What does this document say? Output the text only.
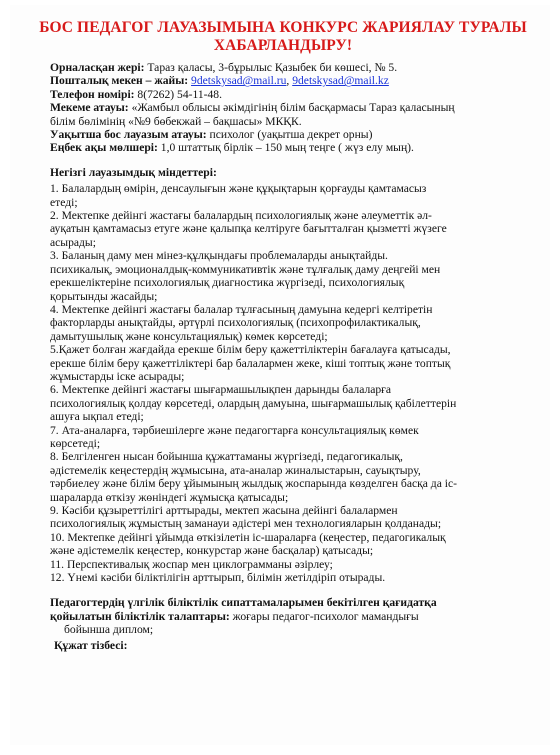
БОС ПЕДАГОГ ЛАУАЗЫМЫНА КОНКУРС ЖАРИЯЛАУ ТУРАЛЫ ХАБАРЛАНДЫРУ!
Орналасқан жері: Тараз қаласы, 3-бұрылыс Қазыбек би көшесі, № 5.
Пошталық мекен – жайы: 9detskysad@mail.ru, 9detskysad@mail.kz
Телефон номірі: 8(7262) 54-11-48.
Мекеме атауы: «Жамбыл облысы әкімдігінің білім басқармасы Тараз қаласының
білім бөлімінің «№9 бөбекжай – бақшасы» МКҚК.
Уақытша бос лауазым атауы: психолог (уақытша декрет орны)
Еңбек ақы мөлшері: 1,0 штаттық бірлік – 150 мың теңге ( жүз елу мың).
Негізгі лауазымдық міндеттері:

1. Балалардың өмірін, денсаулығын және құқықтарын қорғауды қамтамасыз

етеді;

2. Мектепке дейінгі жастағы балалардың психологиялық және әлеуметтік әл-

ауқатын қамтамасыз етуге және қалыпқа келтіруге бағытталған қызметті жүзеге

асырады;

3. Баланың даму мен мінез-құлқындағы проблемаларды анықтайды.

психикалық, эмоционалдық-коммуникативтік және тұлғалық даму деңгейі мен

ерекшеліктеріне психологиялық диагностика жүргізеді, психологиялық

қорытынды жасайды;

4. Мектепке дейінгі жастағы балалар тұлғасының дамуына кедергі келтіретін

факторларды анықтайды, әртүрлі психологиялық (психопрофилактикалық,

дамытушылық және консультациялық) көмек көрсетеді;

5.Қажет болған жағдайда ерекше білім беру қажеттіліктерін бағалауға қатысады,

ерекше білім беру қажеттіліктері бар балалармен жеке, кіші топтық және топтық

жұмыстарды іске асырады;

6. Мектепке дейінгі жастағы шығармашылықпен дарынды балаларға

психологиялық қолдау көрсетеді, олардың дамуына, шығармашылық қабілеттерін

ашуға ықпал етеді;

7. Ата-аналарға, тәрбиешілерге және педагогтарға консультациялық көмек

көрсетеді;

8. Белгіленген нысан бойынша құжаттаманы жүргізеді, педагогикалық,

әдістемелік кеңестердің жұмысына, ата-аналар жиналыстарын, сауықтыру,

тәрбиелеу және білім беру ұйымының жылдық жоспарында көзделген басқа да іс-

шараларда өткізу жөніндегі жұмысқа қатысады;

9. Кәсіби құзыреттілігі арттырады, мектеп жасына дейінгі балалармен

психологиялық жұмыстың заманауи әдістері мен технологияларын қолданады;

10. Мектепке дейінгі ұйымда өткізілетін іс-шараларға (кеңестер, педагогикалық

және әдістемелік кеңестер, конкурстар және басқалар) қатысады;

11. Перспективалық жоспар мен циклограмманы әзірлеу;

12. Үнемі кәсіби біліктілігін арттырып, білімін жетілдіріп отырады.

Педагогтердің үлгілік біліктілік сипаттамаларымен бекітілген қағидатқа
қойылатын біліктілік талаптары: жоғары педагог-психолог мамандығы
бойынша диплом;
Құжат тізбесі:
